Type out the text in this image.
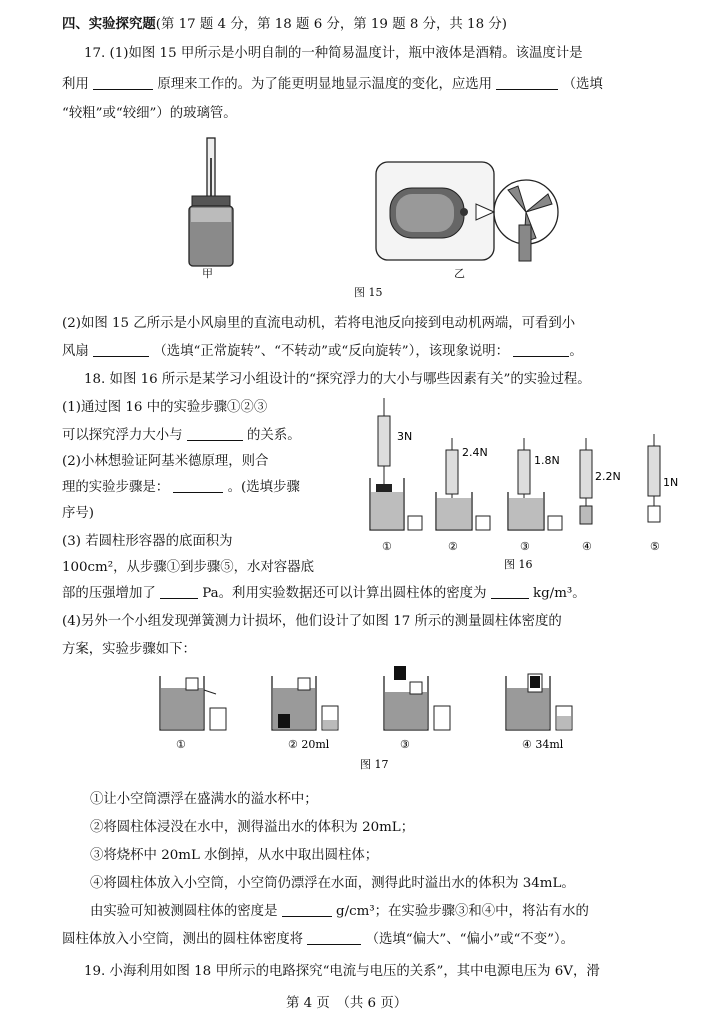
四、实验探究题(第 17 题 4 分，第 18 题 6 分，第 19 题 8 分，共 18 分)
17. (1)如图 15 甲所示是小明自制的一种简易温度计，瓶中液体是酒精。该温度计是
利用	原理来工作的。为了能更明显地显示温度的变化，应选用	（选填
“较粗”或“较细”）的玻璃管。
甲	乙
图 15
(2)如图 15 乙所示是小风扇里的直流电动机，若将电池反向接到电动机两端，可看到小
风扇	（选填“正常旋转”、“不转动”或“反向旋转”），该现象说明：	。
18. 如图 16 所示是某学习小组设计的“探究浮力的大小与哪些因素有关”的实验过程。
(1)通过图 16 中的实验步骤①②③
可以探究浮力大小与	的关系。
(2)小林想验证阿基米德原理，则合
理的实验步骤是：	。(选填步骤
序号)
(3) 若圆柱形容器的底面积为
100cm²，从步骤①到步骤⑤，水对容器底
部的压强增加了	Pa。利用实验数据还可以计算出圆柱体的密度为	kg/m³。
3N
2.4N
1.8N
2.2N	1N
①	②	③	④	⑤
图 16
(4)另外一个小组发现弹簧测力计损坏，他们设计了如图 17 所示的测量圆柱体密度的
方案，实验步骤如下：
①	② 20ml	③	④ 34ml
图 17
①让小空筒漂浮在盛满水的溢水杯中；
②将圆柱体浸没在水中，测得溢出水的体积为 20mL；
③将烧杯中 20mL 水倒掉，从水中取出圆柱体；
④将圆柱体放入小空筒，小空筒仍漂浮在水面，测得此时溢出水的体积为 34mL。
由实验可知被测圆柱体的密度是	g/cm³；在实验步骤③和④中，将沾有水的
圆柱体放入小空筒，测出的圆柱体密度将	（选填“偏大”、“偏小”或“不变”）。
19. 小海利用如图 18 甲所示的电路探究“电流与电压的关系”，其中电源电压为 6V，滑
第 4 页　（共 6 页）
